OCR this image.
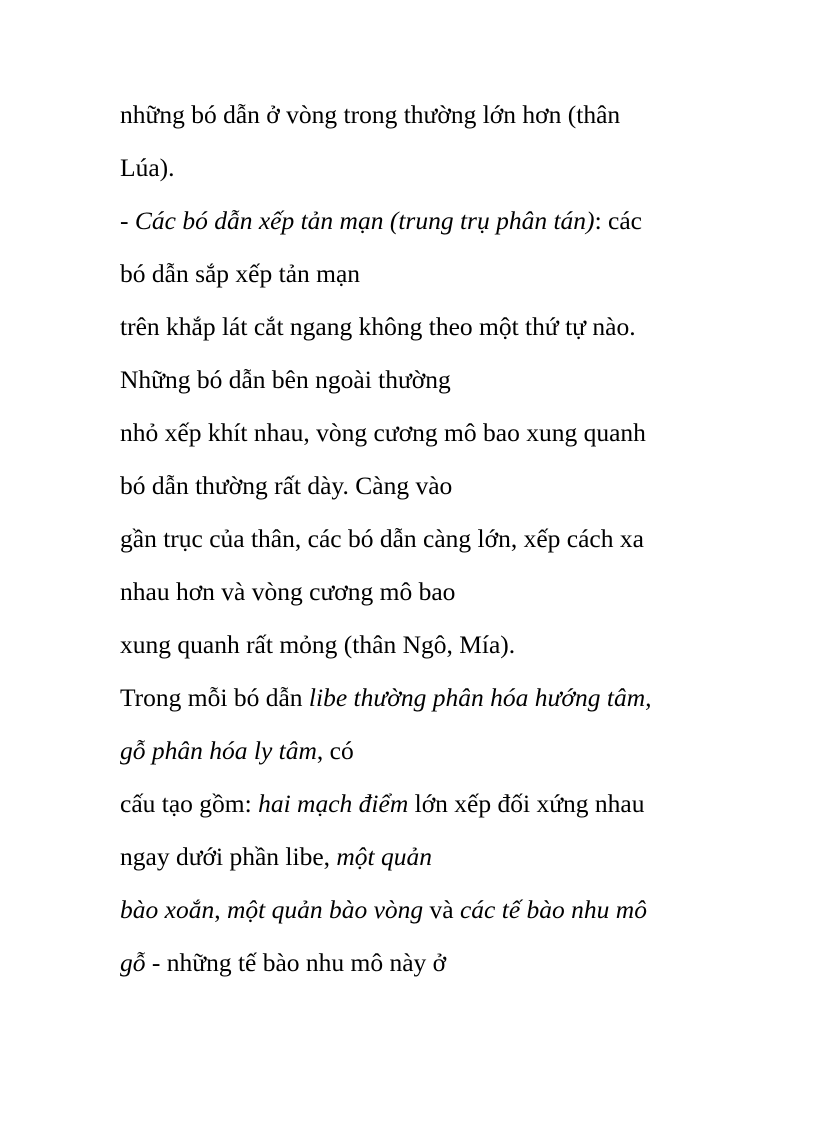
những bó dẫn ở vòng trong thường lớn hơn (thân
Lúa).
- Các bó dẫn xếp tản mạn (trung trụ phân tán): các
bó dẫn sắp xếp tản mạn
trên khắp lát cắt ngang không theo một thứ tự nào.
Những bó dẫn bên ngoài thường
nhỏ xếp khít nhau, vòng cương mô bao xung quanh
bó dẫn thường rất dày. Càng vào
gần trục của thân, các bó dẫn càng lớn, xếp cách xa
nhau hơn và vòng cương mô bao
xung quanh rất mỏng (thân Ngô, Mía).
Trong mỗi bó dẫn libe thường phân hóa hướng tâm,
gỗ phân hóa ly tâm, có
cấu tạo gồm: hai mạch điểm lớn xếp đối xứng nhau
ngay dưới phần libe, một quản
bào xoắn, một quản bào vòng và các tế bào nhu mô
gỗ - những tế bào nhu mô này ở
